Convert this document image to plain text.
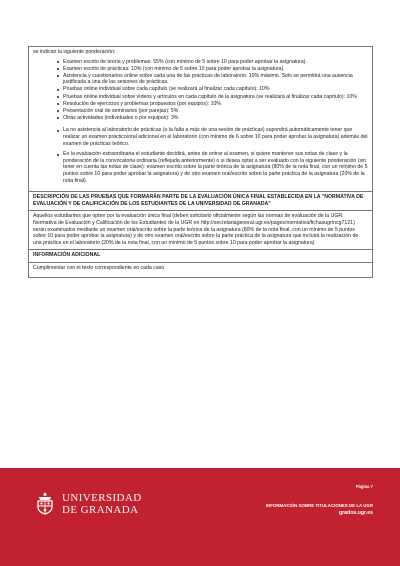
se indican la siguiente ponderación:
Examen escrito de teoría y problemas: 55% (con mínimo de 5 sobre 10 para poder aprobar la asignatura).
Examen escrito de prácticas: 10% (con mínimo de 5 sobre 10 para poder aprobar la asignatura).
Asistencia y cuestionarios online sobre cada una de las prácticas de laboratorio: 10% máximo. Solo se permitirá una ausencia justificada a una de las sesiones de prácticas.
Pruebas online individual sobre cada capítulo (se realizará al finalizar cada capítulo): 10%
Pruebas online individual sobre vídeos y artículos en cada capítulo de la asignatura (se realizará al finalizar cada capítulo): 10%
Resolución de ejercicios y problemas propuestos (por equipos): 10%
Presentación oral de seminarios (por parejas): 5%
Otras actividades (individuales o por equipos): 3%
La no asistencia al laboratorio de prácticas (o la falta a más de una sesión de prácticas) supondrá automáticamente tener que realizar un examen práctico/oral adicional en el laboratorio (con mínimo de 6 sobre 10 para poder aprobar la asignatura) además del examen de prácticas teórico.
En la evaluación extraordinaria el estudiante decidirá, antes de entrar al examen, si quiere mantener sus notas de clase y la ponderación de la convocatoria ordinaria (reflejada anteriormente) o si desea optar a ser evaluado con la siguiente ponderación (sin tener en cuenta las notas de clase): examen escrito sobre la parte teórica de la asignatura (80% de la nota final, con un mínimo de 5 puntos sobre 10 para poder aprobar la asignatura) y de otro examen oral/escrito sobre la parte práctica de la asignatura (20% de la nota final).
DESCRIPCIÓN DE LAS PRUEBAS QUE FORMARÁN PARTE DE LA EVALUACIÓN ÚNICA FINAL ESTABLECIDA EN LA "NORMATIVA DE EVALUACIÓN Y DE CALIFICACIÓN DE LOS ESTUDIANTES DE LA UNIVERSIDAD DE GRANADA"
Aquellos estudiantes que opten por la evaluación única final (deben solicitarlo oficialmente según las normas de evaluación de la UGR: Normativa de Evaluación y Calificación de los Estudiantes de la UGR en http://secretariageneral.ugr.es/pages/normativa/fichasugr/ncg7121) serán examinados mediante un examen oral/escrito sobre la parte teórica de la asignatura (80% de la nota final, con un mínimo de 5 puntos sobre 10 para poder aprobar la asignatura) y de otro examen oral/escrito sobre la parte práctica de la asignatura que incluirá la realización de una práctica en el laboratorio (20% de la nota final, con un mínimo de 5 puntos sobre 10 para poder aprobar la asignatura)
INFORMACIÓN ADICIONAL
Cumplimentar con el texto correspondiente en cada caso
UNIVERSIDAD
DE GRANADA
Página 7
INFORMACIÓN SOBRE TITULACIONES DE LA UGR
grados.ugr.es
